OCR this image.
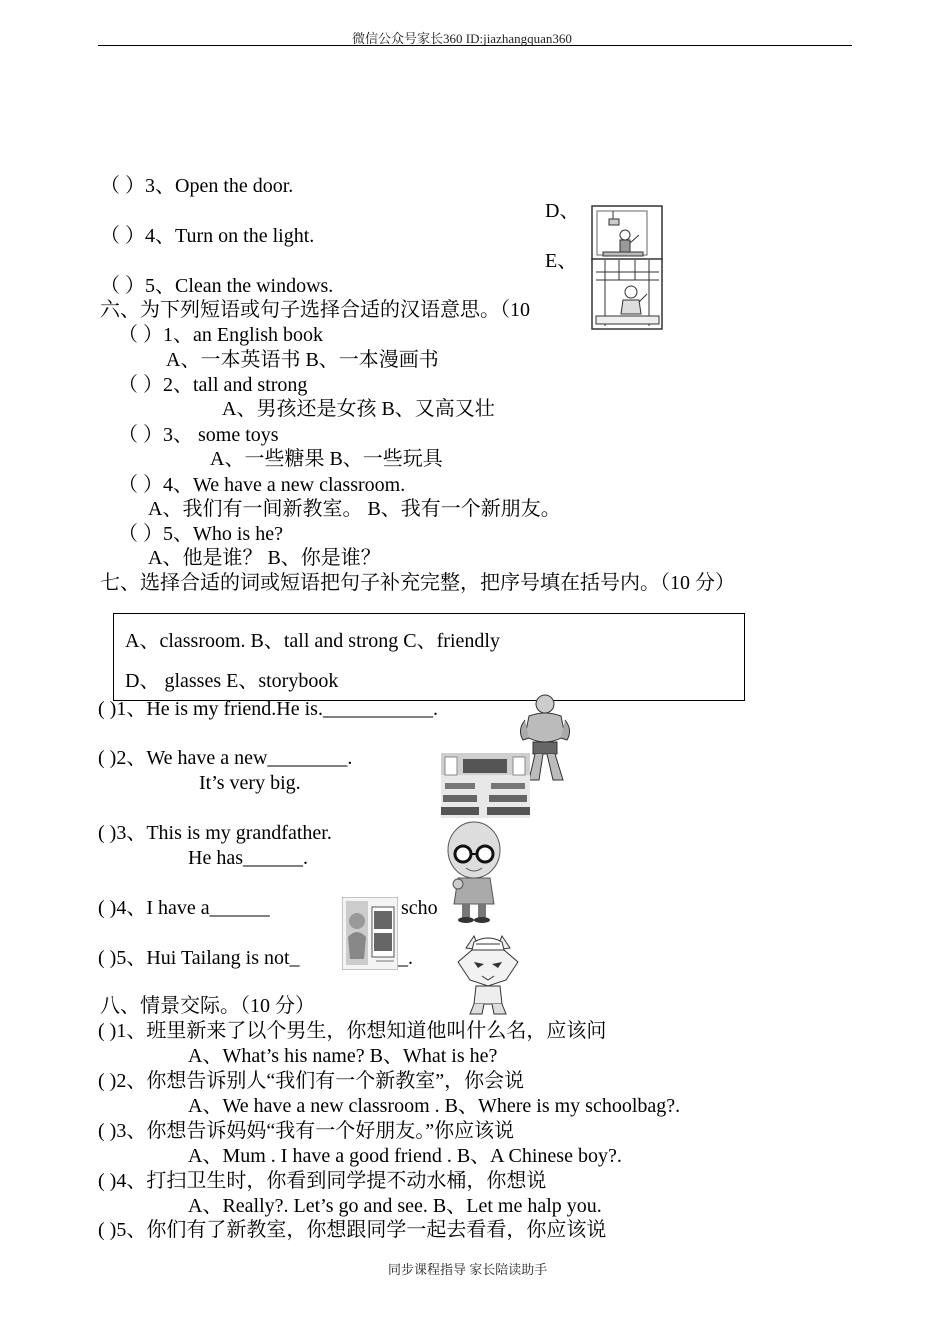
微信公众号家长360 ID:jiazhangquan360
（ ）3、Open the door.
D、
（ ）4、Turn on the light.
E、
（ ）5、Clean the windows.
六、为下列短语或句子选择合适的汉语意思。（10
（ ）1、an English book
A、一本英语书 B、一本漫画书
（ ）2、tall and strong
A、男孩还是女孩 B、又高又壮
（ ）3、 some toys
A、一些糖果 B、一些玩具
（ ）4、We have a new classroom.
A、我们有一间新教室。 B、我有一个新朋友。
（ ）5、Who is he?
A、他是谁？ B、你是谁？
七、选择合适的词或短语把句子补充完整，把序号填在括号内。（10 分）
A、classroom. B、tall and strong C、friendly
D、 glasses E、storybook
( )1、He is my friend.He is.___________.
( )2、We have a new________.
It’s very big.
( )3、This is my grandfather.
He has______.
( )4、I have a______	scho
( )5、Hui Tailang is not_	_.
八、情景交际。（10 分）
( )1、班里新来了以个男生，你想知道他叫什么名，应该问
A、What’s his name? B、What is he?
( )2、你想告诉别人“我们有一个新教室”，你会说
A、We have a new classroom . B、Where is my schoolbag?.
( )3、你想告诉妈妈“我有一个好朋友。”你应该说
A、Mum . I have a good friend . B、A Chinese boy?.
( )4、打扫卫生时，你看到同学提不动水桶，你想说
A、Really?. Let’s go and see. B、Let me halp you.
( )5、你们有了新教室，你想跟同学一起去看看，你应该说
同步课程指导 家长陪读助手
